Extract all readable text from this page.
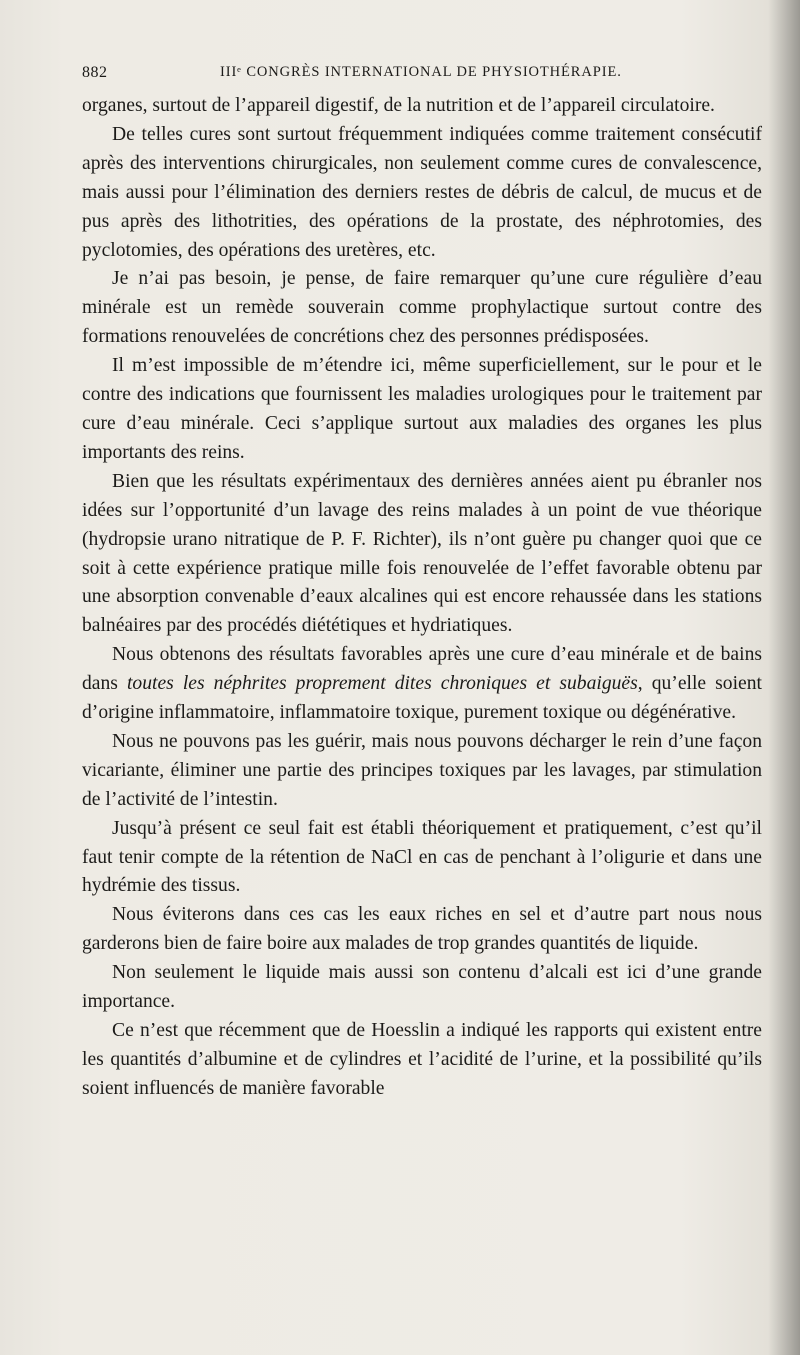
882	IIIᵉ CONGRÈS INTERNATIONAL DE PHYSIOTHÉRAPIE.

organes, surtout de l’appareil digestif, de la nutrition et de l’appareil circulatoire.

De telles cures sont surtout fréquemment indiquées comme traitement consécutif après des interventions chirurgicales, non seulement comme cures de convalescence, mais aussi pour l’élimination des derniers restes de débris de calcul, de mucus et de pus après des lithotrities, des opérations de la prostate, des néphrotomies, des pyclotomies, des opérations des uretères, etc.

Je n’ai pas besoin, je pense, de faire remarquer qu’une cure régulière d’eau minérale est un remède souverain comme prophylactique surtout contre des formations renouvelées de concrétions chez des personnes prédisposées.

Il m’est impossible de m’étendre ici, même superficiellement, sur le pour et le contre des indications que fournissent les maladies urologiques pour le traitement par cure d’eau minérale. Ceci s’applique surtout aux maladies des organes les plus importants des reins.

Bien que les résultats expérimentaux des dernières années aient pu ébranler nos idées sur l’opportunité d’un lavage des reins malades à un point de vue théorique (hydropsie urano nitratique de P. F. Richter), ils n’ont guère pu changer quoi que ce soit à cette expérience pratique mille fois renouvelée de l’effet favorable obtenu par une absorption convenable d’eaux alcalines qui est encore rehaussée dans les stations balnéaires par des procédés diététiques et hydriatiques.

Nous obtenons des résultats favorables après une cure d’eau minérale et de bains dans toutes les néphrites proprement dites chroniques et subaiguës, qu’elle soient d’origine inflammatoire, inflammatoire toxique, purement toxique ou dégénérative.

Nous ne pouvons pas les guérir, mais nous pouvons décharger le rein d’une façon vicariante, éliminer une partie des principes toxiques par les lavages, par stimulation de l’activité de l’intestin.

Jusqu’à présent ce seul fait est établi théoriquement et pratiquement, c’est qu’il faut tenir compte de la rétention de NaCl en cas de penchant à l’oligurie et dans une hydrémie des tissus.

Nous éviterons dans ces cas les eaux riches en sel et d’autre part nous nous garderons bien de faire boire aux malades de trop grandes quantités de liquide.

Non seulement le liquide mais aussi son contenu d’alcali est ici d’une grande importance.

Ce n’est que récemment que de Hoesslin a indiqué les rapports qui existent entre les quantités d’albumine et de cylindres et l’acidité de l’urine, et la possibilité qu’ils soient influencés de manière favorable
